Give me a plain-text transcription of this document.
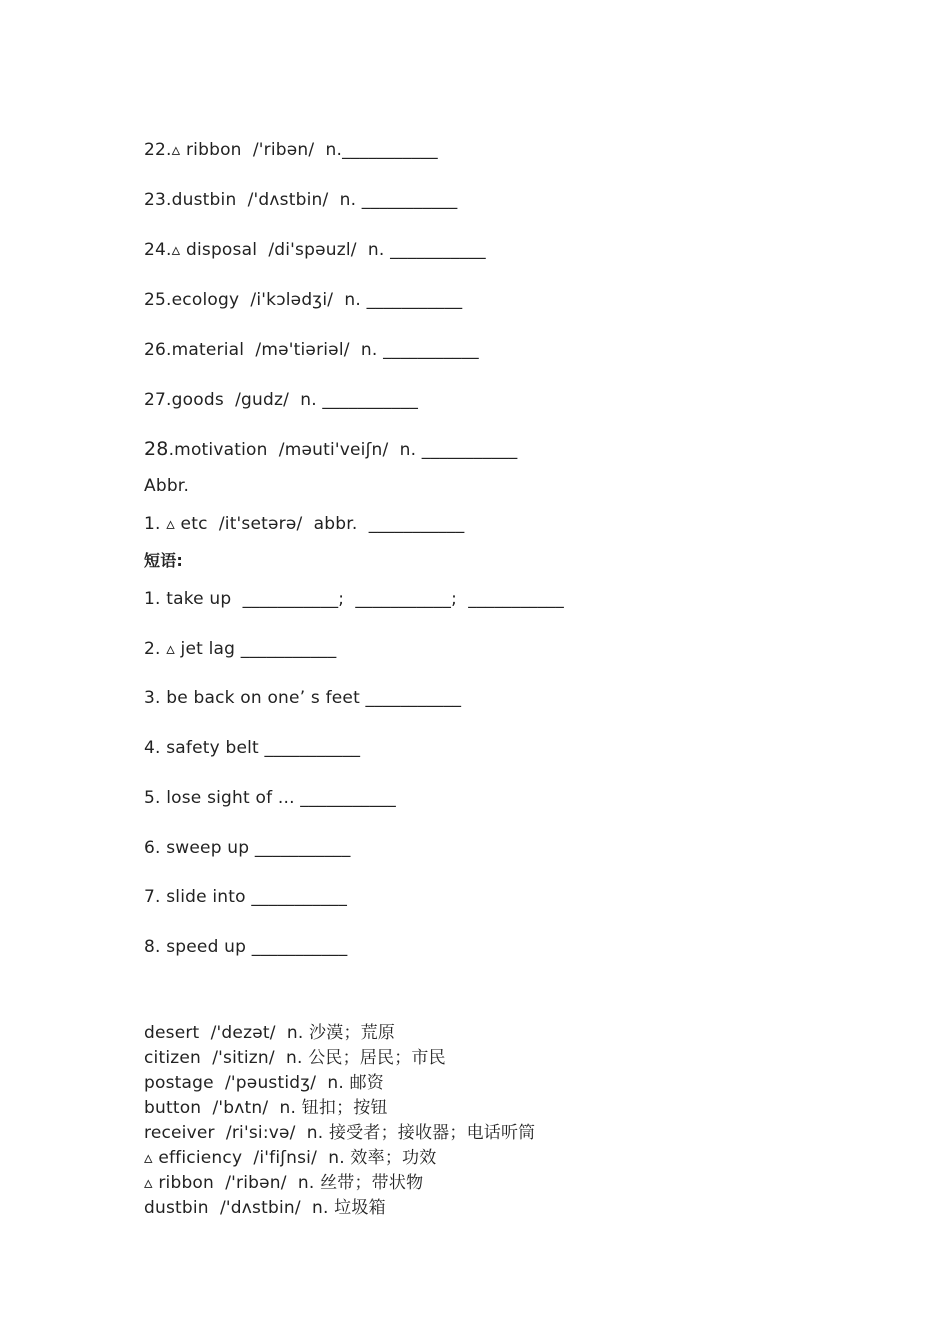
22.▵ ribbon  /'ribən/  n.___________
23.dustbin  /'dʌstbin/  n. ___________
24.▵ disposal  /di'spəuzl/  n. ___________
25.ecology  /i'kɔlədʒi/  n. ___________
26.material  /mə'tiəriəl/  n. ___________
27.goods  /gudz/  n. ___________
28.motivation  /məuti'veiʃn/  n. ___________
Abbr.
1. ▵ etc  /it'setərə/  abbr.  ___________
短语:
1. take up  ___________;  ___________;  ___________
2. ▵ jet lag ___________
3. be back on one’ s feet ___________
4. safety belt ___________
5. lose sight of ... ___________
6. sweep up ___________
7. slide into ___________
8. speed up ___________
desert  /'dezət/  n. 沙漠；荒原
citizen  /'sitizn/  n. 公民；居民；市民
postage  /'pəustidʒ/  n. 邮资
button  /'bʌtn/  n. 钮扣；按钮
receiver  /ri'si:və/  n. 接受者；接收器；电话听筒
▵ efficiency  /i'fiʃnsi/  n. 效率；功效
▵ ribbon  /'ribən/  n. 丝带；带状物
dustbin  /'dʌstbin/  n. 垃圾箱
